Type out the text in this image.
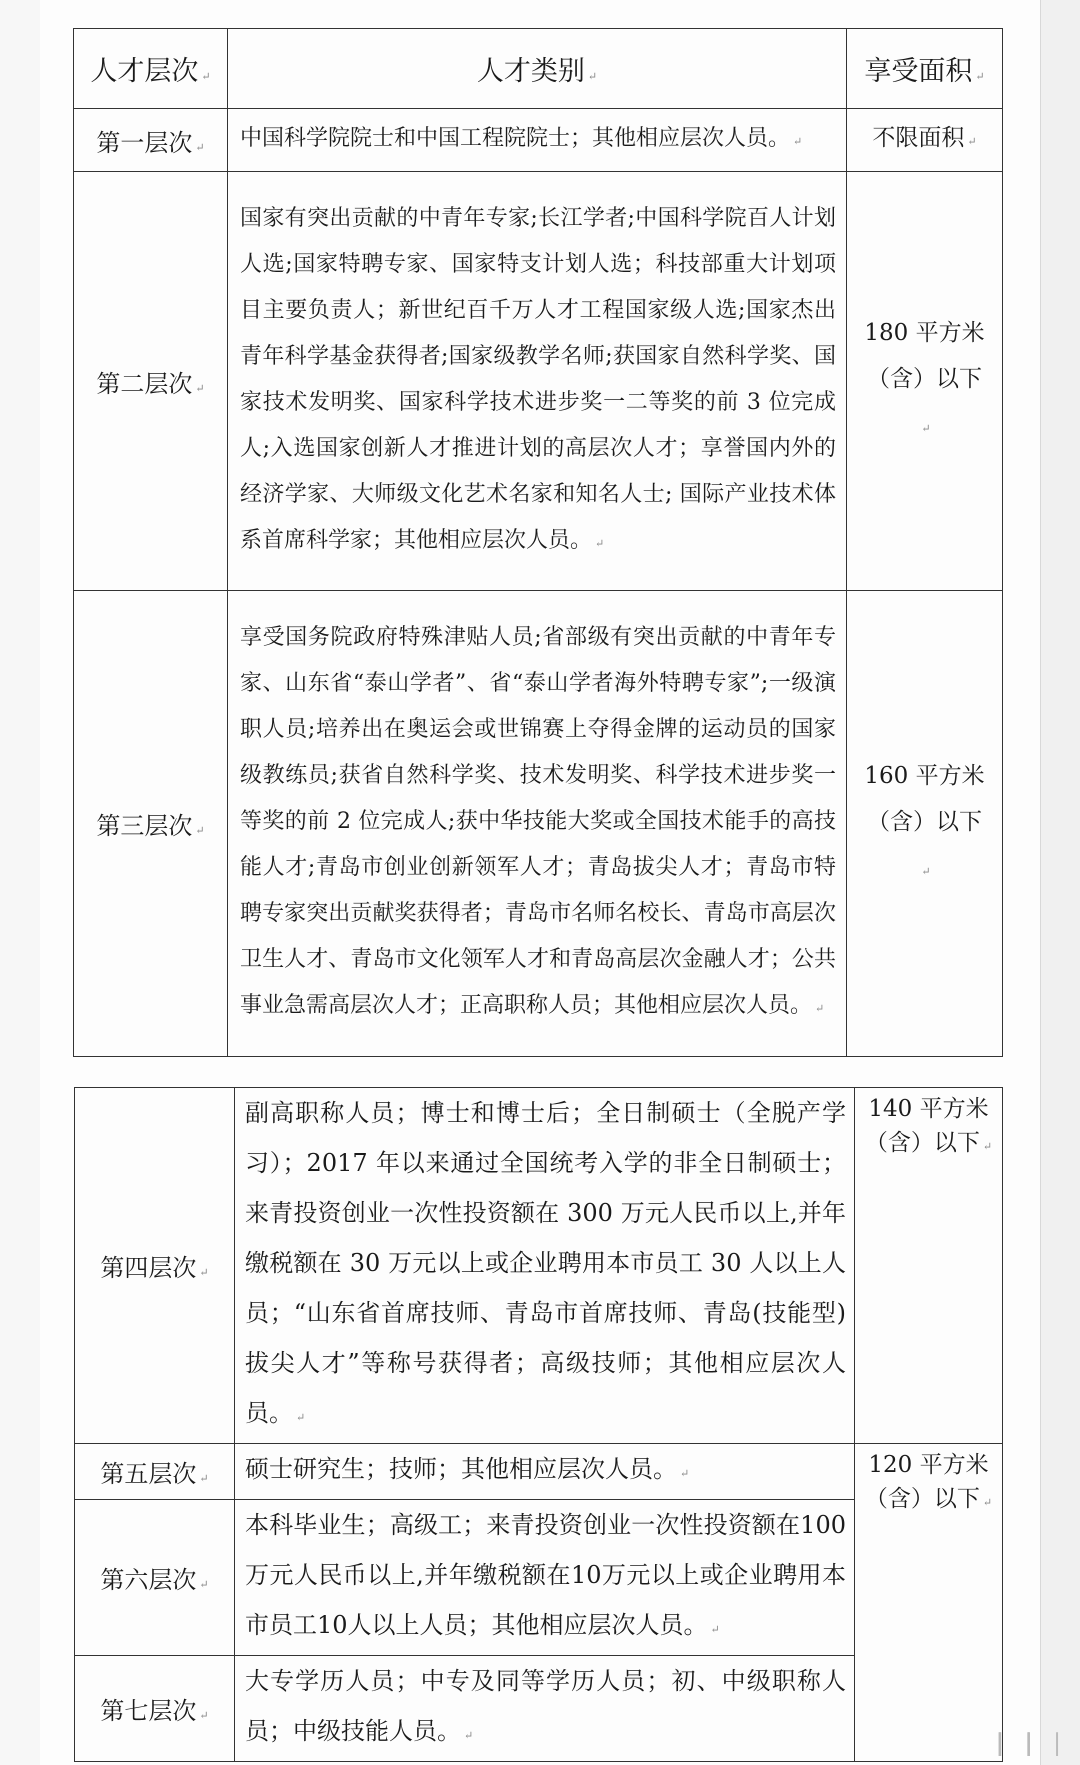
人才层次 ↵	人才类别 ↵	享受面积 ↵
第一层次 ↵	中国科学院院士和中国工程院院士；其他相应层次人员。 ↵	不限面积 ↵
第二层次 ↵	国家有突出贡献的中青年专家;长江学者;中国科学院百人计划人选;国家特聘专家、国家特支计划人选；科技部重大计划项目主要负责人；新世纪百千万人才工程国家级人选;国家杰出青年科学基金获得者;国家级教学名师;获国家自然科学奖、国家技术发明奖、国家科学技术进步奖一二等奖的前 3 位完成人;入选国家创新人才推进计划的高层次人才；享誉国内外的经济学家、大师级文化艺术名家和知名人士; 国际产业技术体系首席科学家；其他相应层次人员。 ↵	180 平方米（含）以下 ↵
第三层次 ↵	享受国务院政府特殊津贴人员;省部级有突出贡献的中青年专家、山东省“泰山学者”、省“泰山学者海外特聘专家”;一级演职人员;培养出在奥运会或世锦赛上夺得金牌的运动员的国家级教练员;获省自然科学奖、技术发明奖、科学技术进步奖一等奖的前 2 位完成人;获中华技能大奖或全国技术能手的高技能人才;青岛市创业创新领军人才；青岛拔尖人才；青岛市特聘专家突出贡献奖获得者；青岛市名师名校长、青岛市高层次卫生人才、青岛市文化领军人才和青岛高层次金融人才；公共事业急需高层次人才；正高职称人员；其他相应层次人员。 ↵	160 平方米（含）以下 ↵
第四层次 ↵	副高职称人员；博士和博士后；全日制硕士（全脱产学习）；2017 年以来通过全国统考入学的非全日制硕士；来青投资创业一次性投资额在 300 万元人民币以上,并年缴税额在 30 万元以上或企业聘用本市员工 30 人以上人员；“山东省首席技师、青岛市首席技师、青岛(技能型)拔尖人才”等称号获得者；高级技师；其他相应层次人员。 ↵	140 平方米（含）以下 ↵
第五层次 ↵	硕士研究生；技师；其他相应层次人员。 ↵	120 平方米（含）以下 ↵
第六层次 ↵	本科毕业生；高级工；来青投资创业一次性投资额在100万元人民币以上,并年缴税额在10万元以上或企业聘用本市员工10人以上人员；其他相应层次人员。 ↵
第七层次 ↵	大专学历人员；中专及同等学历人员；初、中级职称人员；中级技能人员。 ↵	▕▏▕▏▕
